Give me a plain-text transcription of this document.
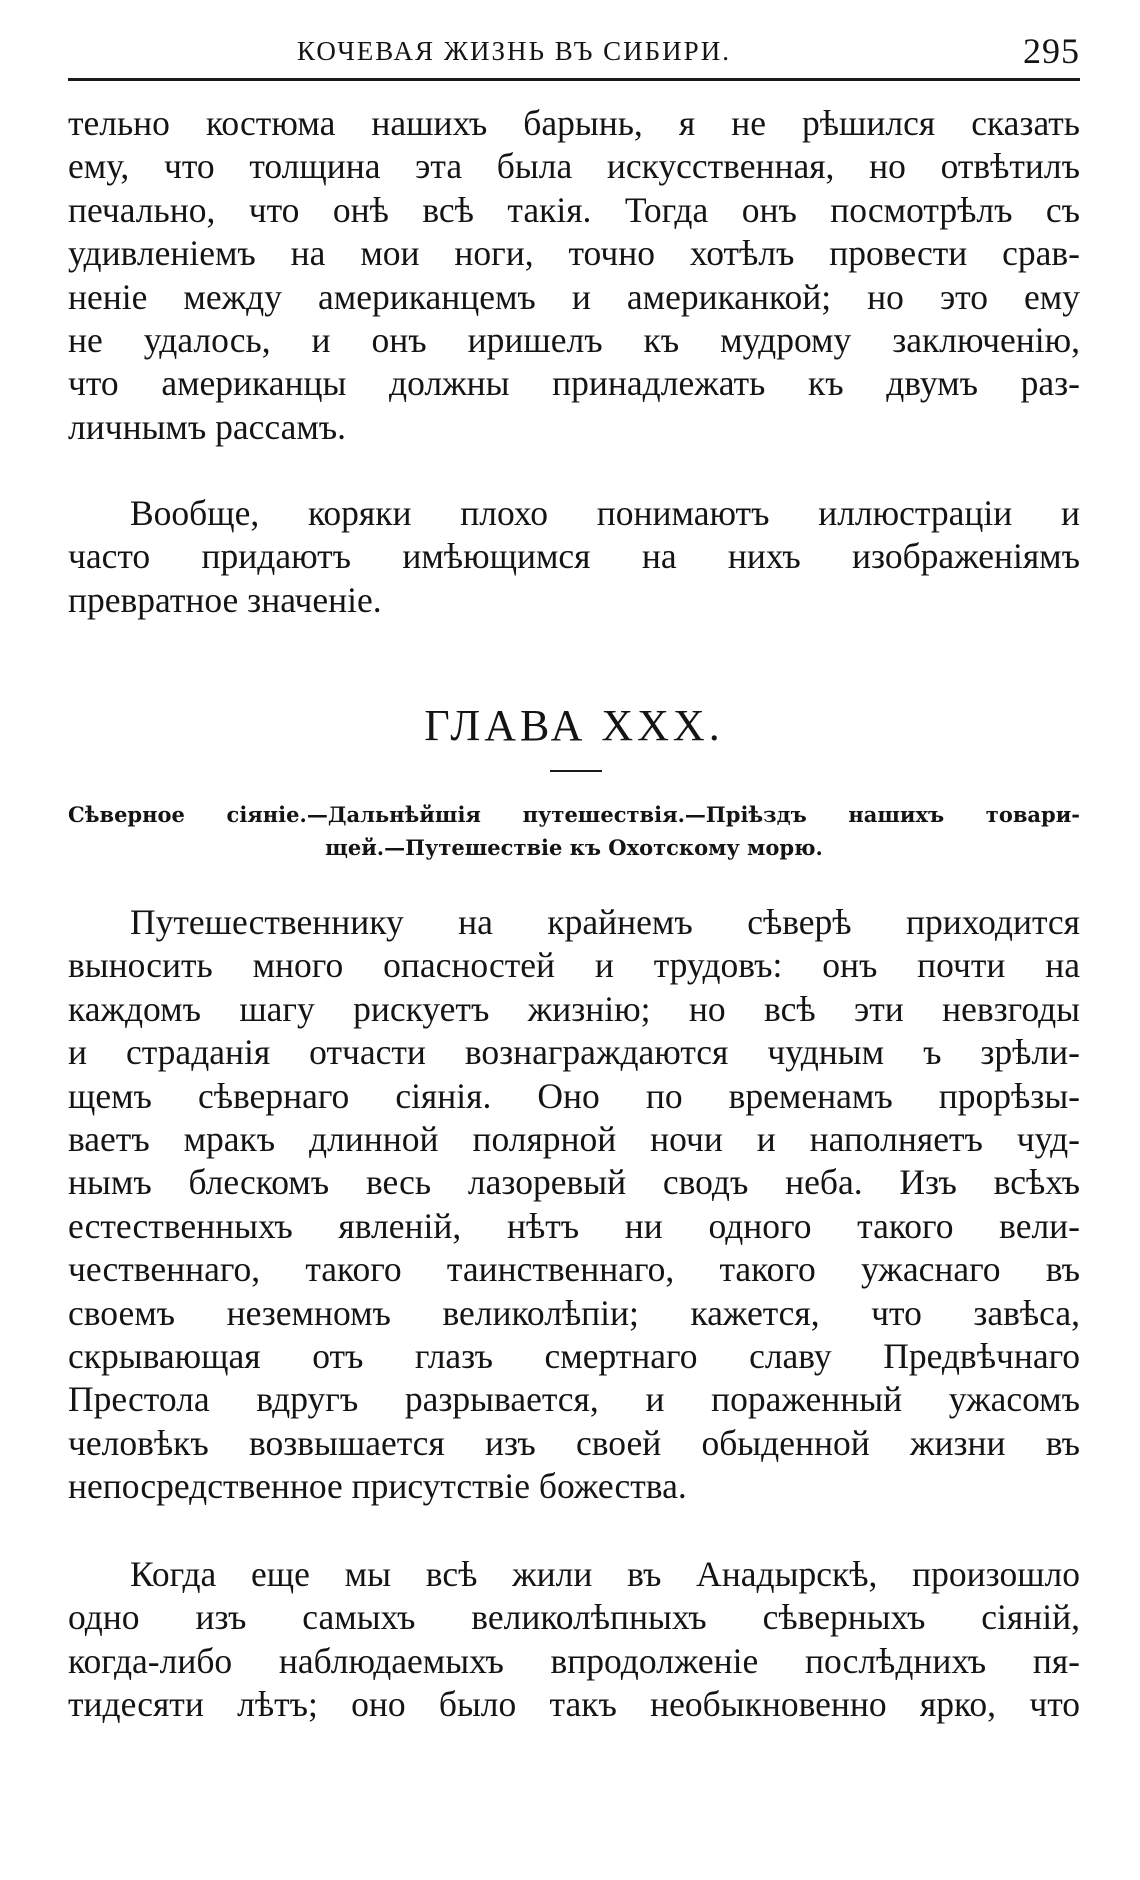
КОЧЕВАЯ ЖИЗНЬ ВЪ СИБИРИ.	295
тельно костюма нашихъ барынь, я не рѣшился сказать
ему, что толщина эта была искусственная, но отвѣтилъ
печально, что онѣ всѣ такія. Тогда онъ посмотрѣлъ съ
удивленіемъ на мои ноги, точно хотѣлъ провести срав-
неніе между американцемъ и американкой; но это ему
не удалось, и онъ иришелъ къ мудрому заключенію,
что американцы должны принадлежать къ двумъ раз-
личнымъ рассамъ.
Вообще, коряки плохо понимаютъ иллюстраціи и
часто придаютъ имѣющимся на нихъ изображеніямъ
превратное значеніе.
ГЛАВА XXX.
Сѣверное сіяніе.—Дальнѣйшія путешествія.—Пріѣздъ нашихъ товари-
щей.—Путешествіе къ Охотскому морю.
Путешественнику на крайнемъ сѣверѣ приходится
выносить много опасностей и трудовъ: онъ почти на
каждомъ шагу рискуетъ жизнію; но всѣ эти невзгоды
и страданія отчасти вознаграждаются чудным ъ зрѣли-
щемъ сѣвернаго сіянія. Оно по временамъ прорѣзы-
ваетъ мракъ длинной полярной ночи и наполняетъ чуд-
нымъ блескомъ весь лазоревый сводъ неба. Изъ всѣхъ
естественныхъ явленій, нѣтъ ни одного такого вели-
чественнаго, такого таинственнаго, такого ужаснаго въ
своемъ неземномъ великолѣпіи; кажется, что завѣса,
скрывающая отъ глазъ смертнаго славу Предвѣчнаго
Престола вдругъ разрывается, и пораженный ужасомъ
человѣкъ возвышается изъ своей обыденной жизни въ
непосредственное присутствіе божества.
Когда еще мы всѣ жили въ Анадырскѣ, произошло
одно изъ самыхъ великолѣпныхъ сѣверныхъ сіяній,
когда-либо наблюдаемыхъ впродолженіе послѣднихъ пя-
тидесяти лѣтъ; оно было такъ необыкновенно ярко, что
